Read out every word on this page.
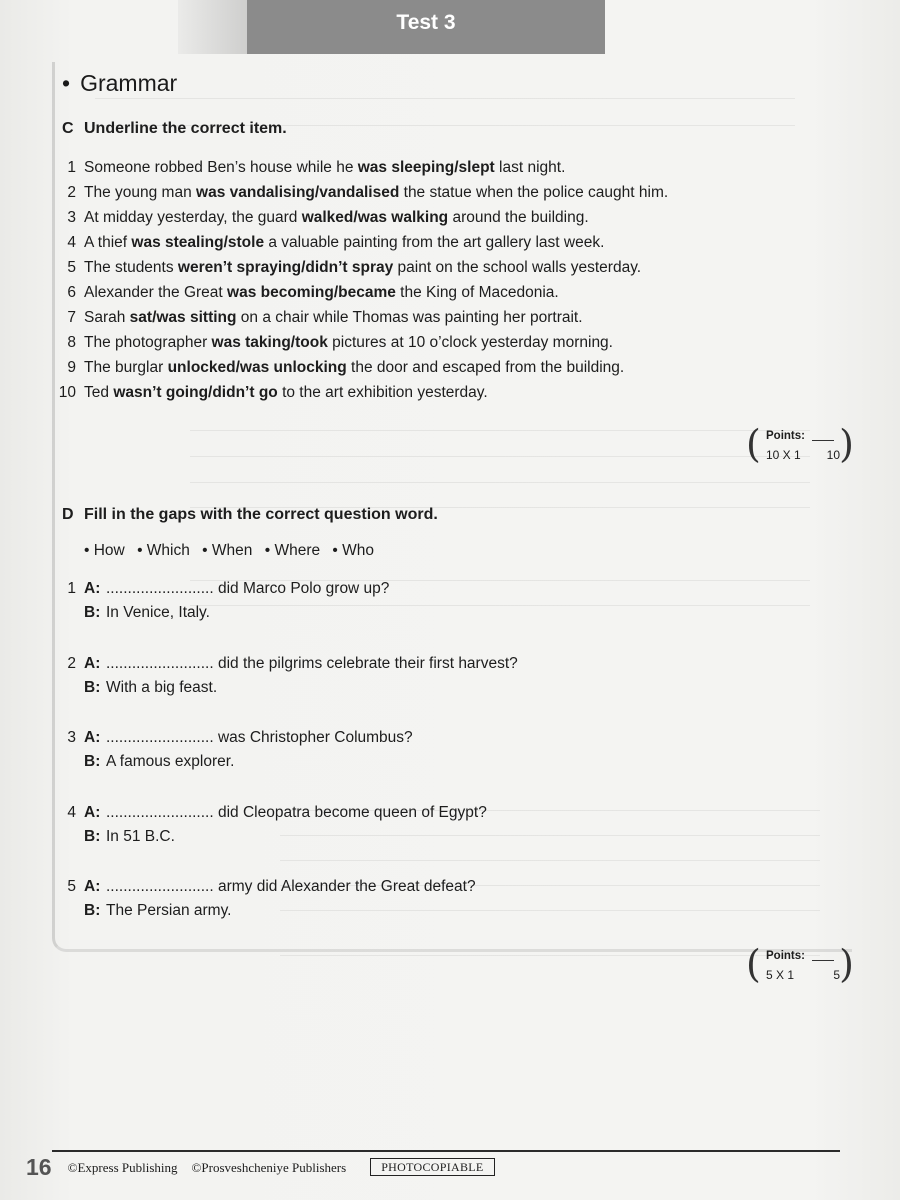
Test 3
• Grammar
C Underline the correct item.
1 Someone robbed Ben’s house while he was sleeping/slept last night.
2 The young man was vandalising/vandalised the statue when the police caught him.
3 At midday yesterday, the guard walked/was walking around the building.
4 A thief was stealing/stole a valuable painting from the art gallery last week.
5 The students weren’t spraying/didn’t spray paint on the school walls yesterday.
6 Alexander the Great was becoming/became the King of Macedonia.
7 Sarah sat/was sitting on a chair while Thomas was painting her portrait.
8 The photographer was taking/took pictures at 10 o’clock yesterday morning.
9 The burglar unlocked/was unlocking the door and escaped from the building.
10 Ted wasn’t going/didn’t go to the art exhibition yesterday.
( Points:
10 X 1 10 )
D Fill in the gaps with the correct question word.
• How • Which • When • Where • Who
1 A: ......................... did Marco Polo grow up?
B: In Venice, Italy.
2 A: ......................... did the pilgrims celebrate their first harvest?
B: With a big feast.
3 A: ......................... was Christopher Columbus?
B: A famous explorer.
4 A: ......................... did Cleopatra become queen of Egypt?
B: In 51 B.C.
5 A: ......................... army did Alexander the Great defeat?
B: The Persian army.
( Points:
5 X 1	5 )
16 ©Express Publishing ©Prosveshcheniye Publishers	PHOTOCOPIABLE
